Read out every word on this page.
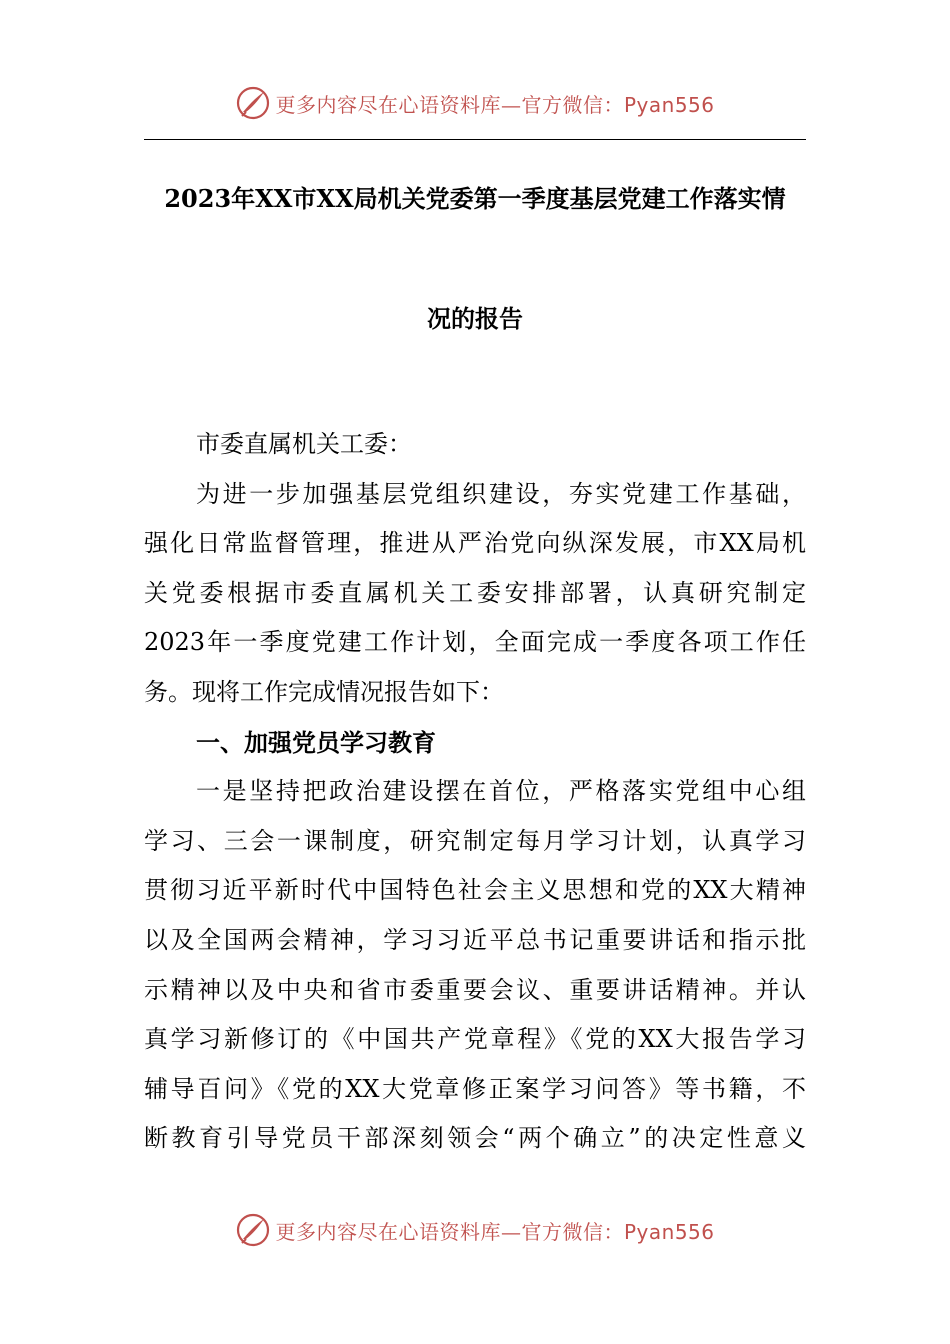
更多内容尽在心语资料库—官方微信：Pyan556
2023年XX市XX局机关党委第一季度基层党建工作落实情
况的报告
市委直属机关工委：
为进一步加强基层党组织建设，夯实党建工作基础，
强化日常监督管理，推进从严治党向纵深发展，市XX局机
关党委根据市委直属机关工委安排部署，认真研究制定
2023年一季度党建工作计划，全面完成一季度各项工作任
务。现将工作完成情况报告如下：
一、加强党员学习教育
一是坚持把政治建设摆在首位，严格落实党组中心组
学习、三会一课制度，研究制定每月学习计划，认真学习
贯彻习近平新时代中国特色社会主义思想和党的XX大精神
以及全国两会精神，学习习近平总书记重要讲话和指示批
示精神以及中央和省市委重要会议、重要讲话精神。并认
真学习新修订的《中国共产党章程》《党的XX大报告学习
辅导百问》《党的XX大党章修正案学习问答》等书籍，不
断教育引导党员干部深刻领会“两个确立”的决定性意义
更多内容尽在心语资料库—官方微信：Pyan556
